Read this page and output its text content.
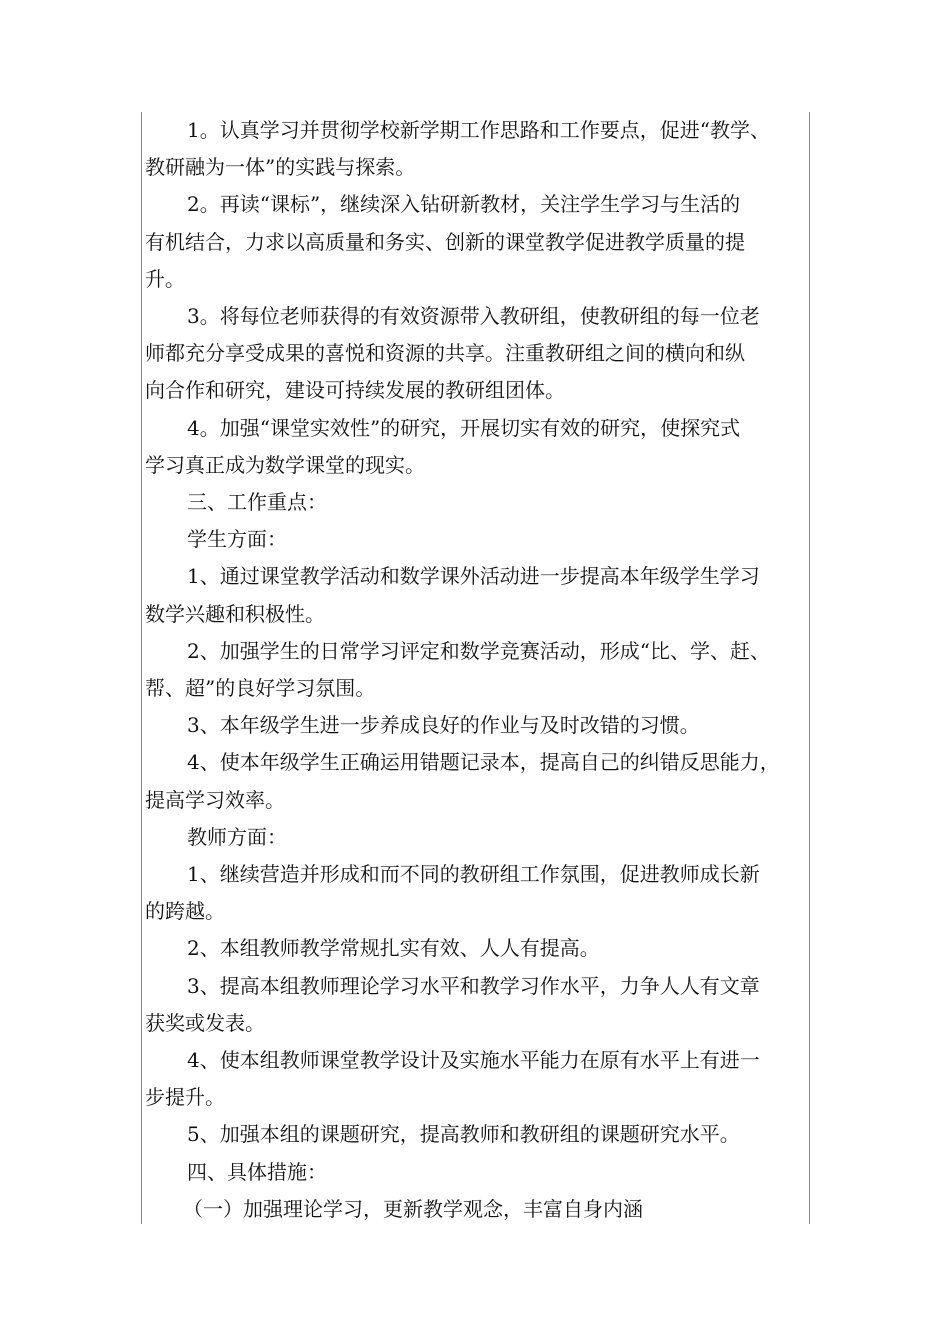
1。认真学习并贯彻学校新学期工作思路和工作要点，促进“教学、

教研融为一体”的实践与探索。

2。再读“课标”，继续深入钻研新教材，关注学生学习与生活的

有机结合，力求以高质量和务实、创新的课堂教学促进教学质量的提

升。

3。将每位老师获得的有效资源带入教研组，使教研组的每一位老

师都充分享受成果的喜悦和资源的共享。注重教研组之间的横向和纵

向合作和研究，建设可持续发展的教研组团体。

4。加强“课堂实效性”的研究，开展切实有效的研究，使探究式

学习真正成为数学课堂的现实。

三、工作重点：

学生方面：

1、通过课堂教学活动和数学课外活动进一步提高本年级学生学习

数学兴趣和积极性。

2、加强学生的日常学习评定和数学竞赛活动，形成“比、学、赶、

帮、超”的良好学习氛围。

3、本年级学生进一步养成良好的作业与及时改错的习惯。

4、使本年级学生正确运用错题记录本，提高自己的纠错反思能力，

提高学习效率。

教师方面：

1、继续营造并形成和而不同的教研组工作氛围，促进教师成长新

的跨越。

2、本组教师教学常规扎实有效、人人有提高。

3、提高本组教师理论学习水平和教学习作水平，力争人人有文章

获奖或发表。

4、使本组教师课堂教学设计及实施水平能力在原有水平上有进一

步提升。

5、加强本组的课题研究，提高教师和教研组的课题研究水平。

四、具体措施：

（一）加强理论学习，更新教学观念，丰富自身内涵
